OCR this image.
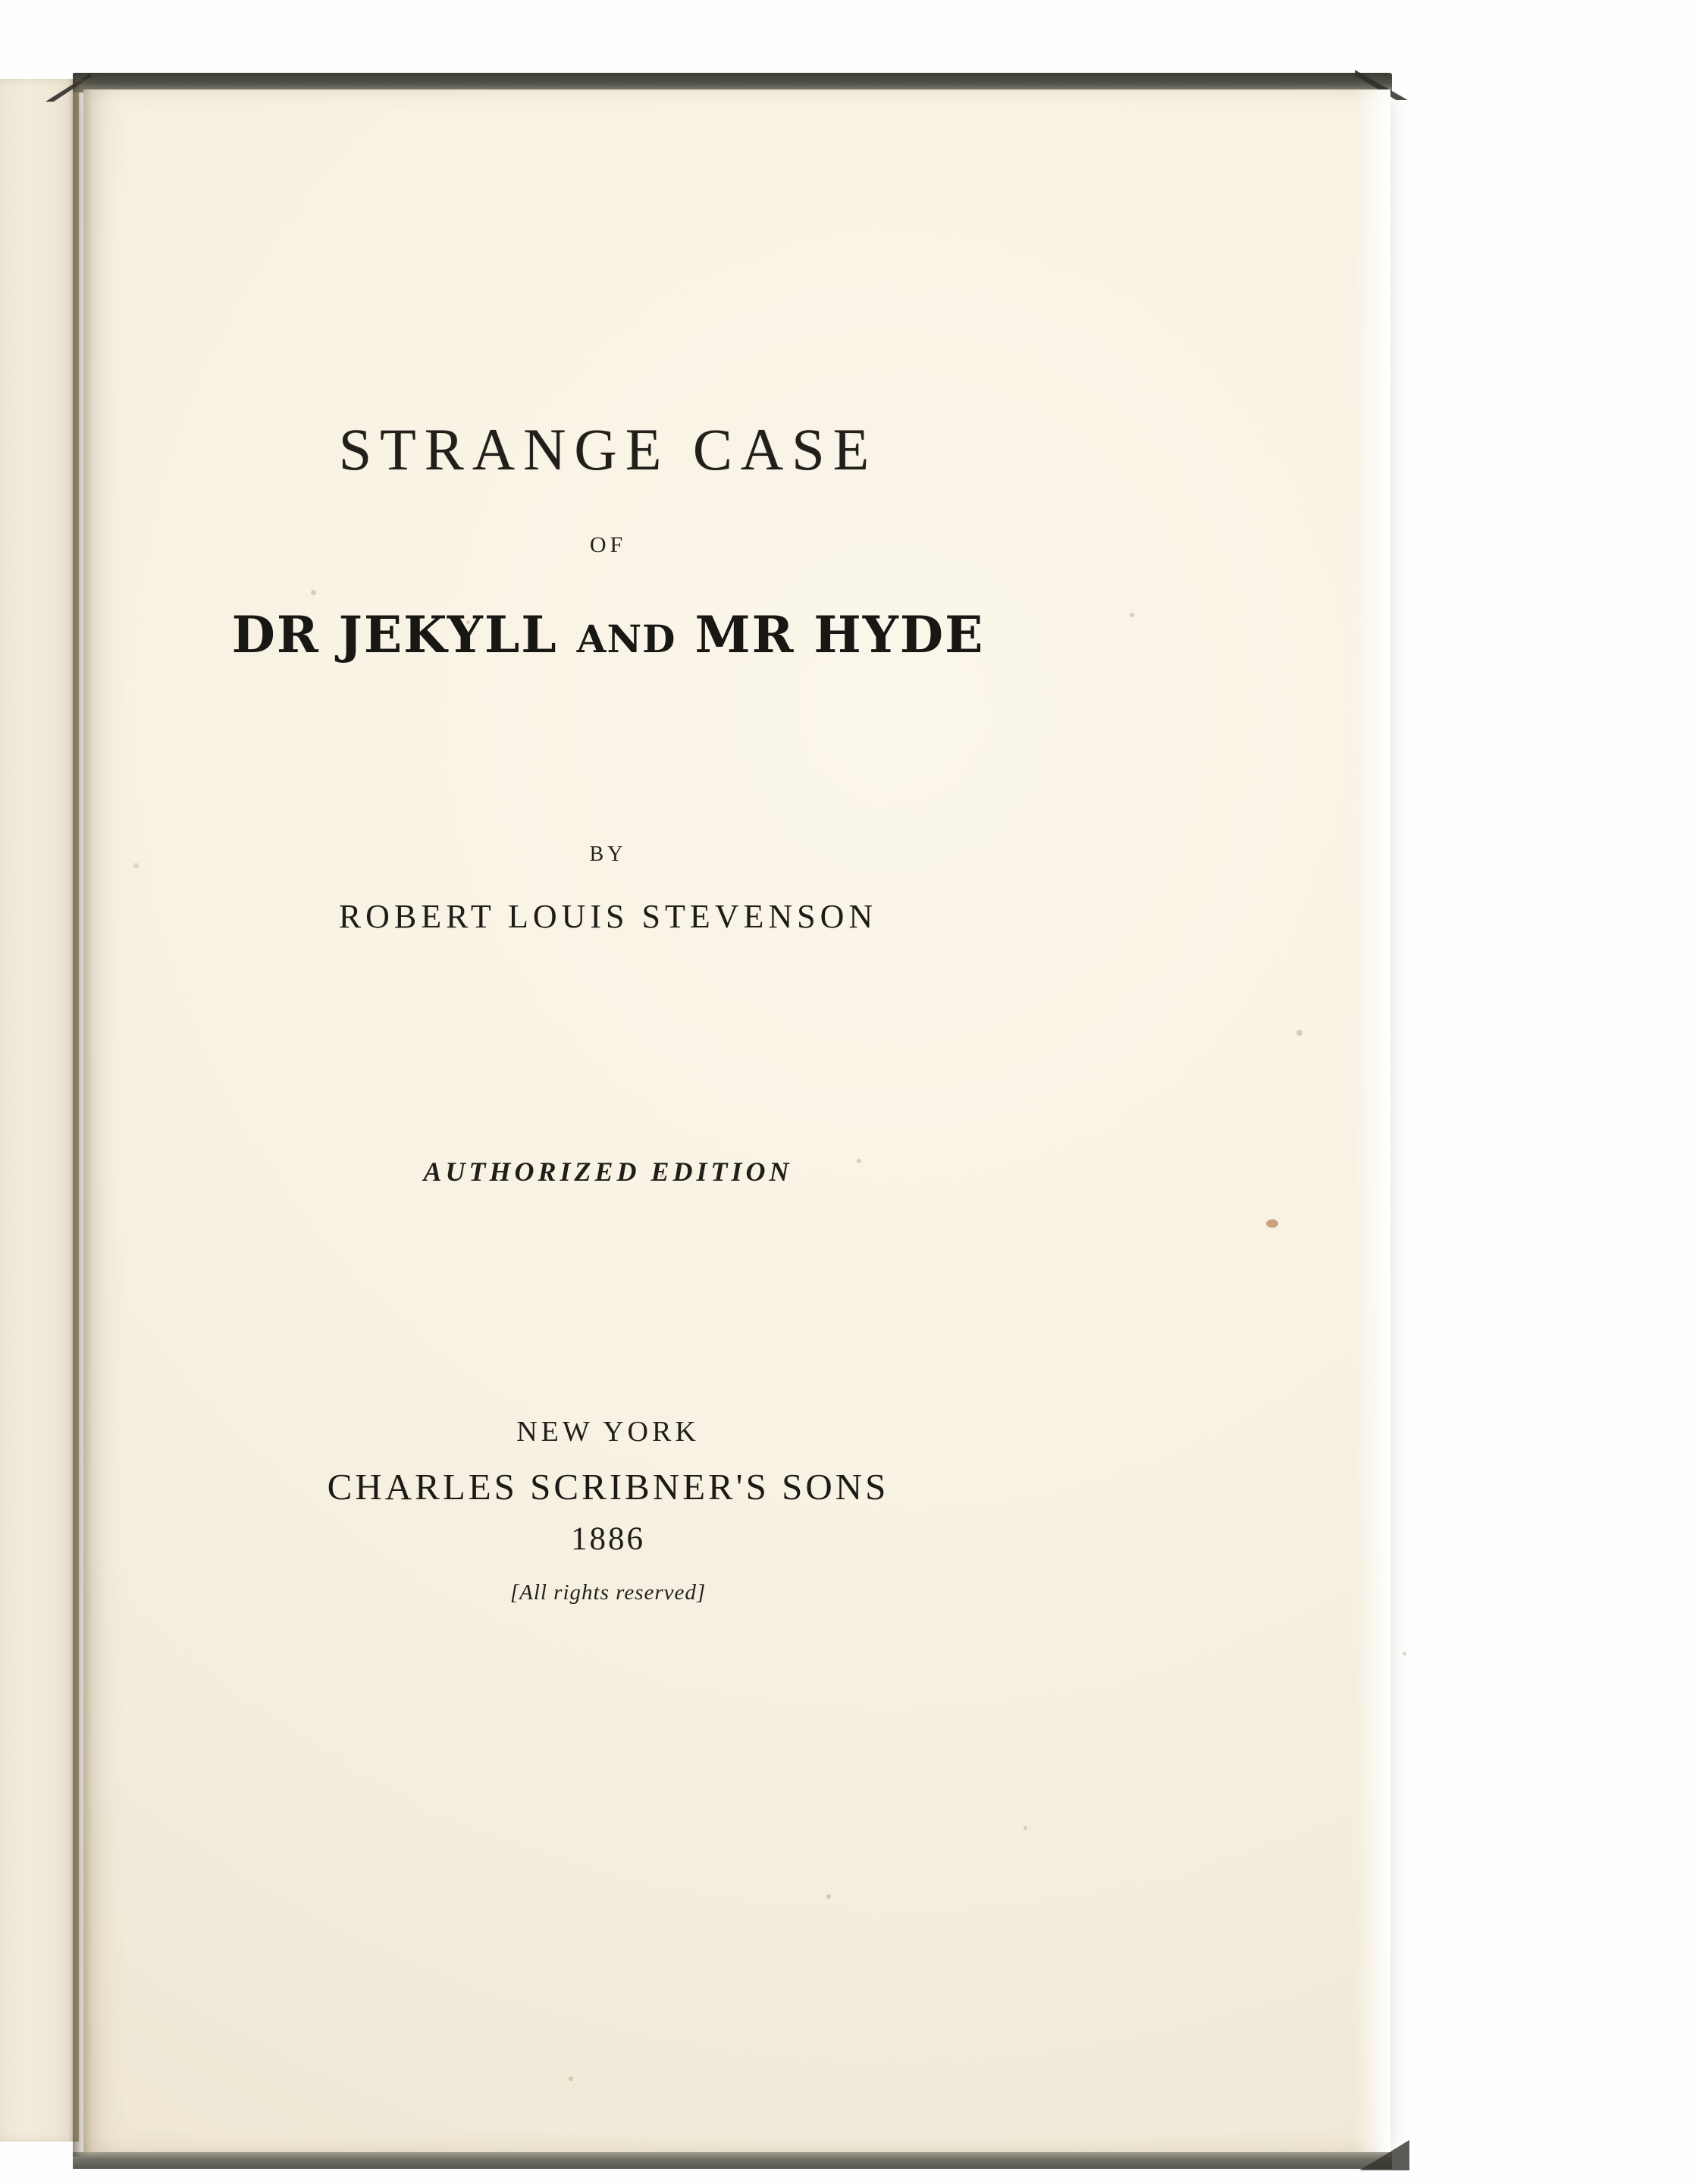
STRANGE CASE
OF
DR JEKYLL AND MR HYDE
BY
ROBERT LOUIS STEVENSON
AUTHORIZED EDITION
NEW YORK
CHARLES SCRIBNER'S SONS
1886
[All rights reserved]
